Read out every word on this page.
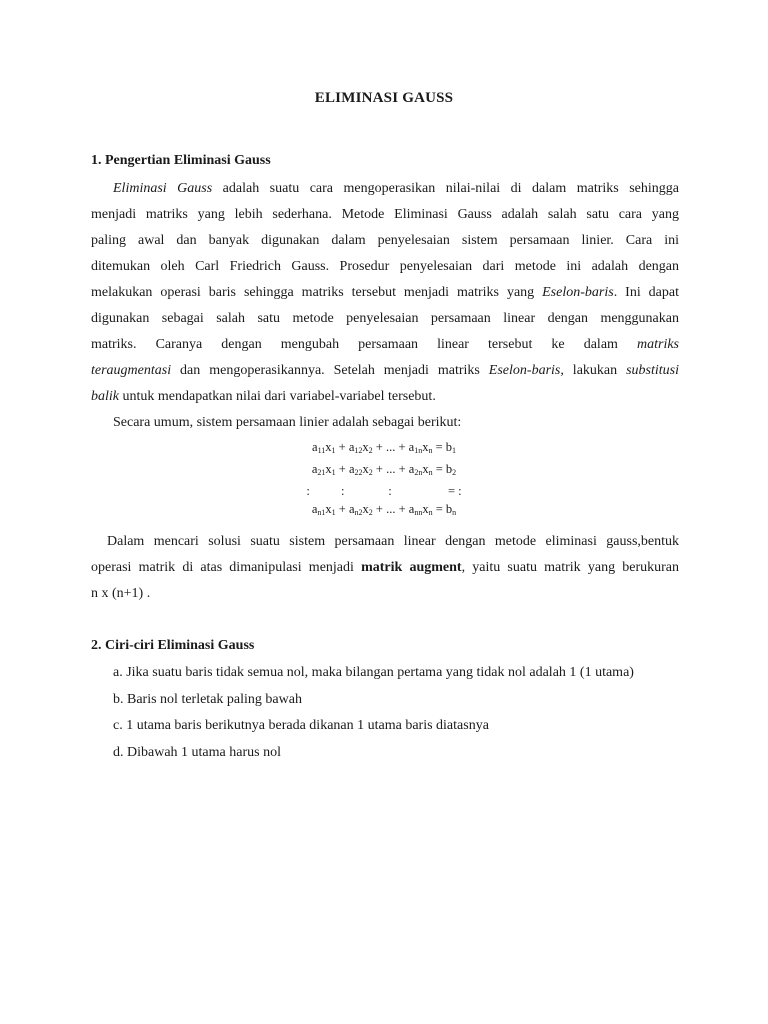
ELIMINASI GAUSS
1. Pengertian Eliminasi Gauss
Eliminasi Gauss adalah suatu cara mengoperasikan nilai-nilai di dalam matriks sehingga
menjadi matriks yang lebih sederhana. Metode Eliminasi Gauss adalah salah satu cara yang
paling awal dan banyak digunakan dalam penyelesaian sistem persamaan linier. Cara ini
ditemukan oleh Carl Friedrich Gauss. Prosedur penyelesaian dari metode ini adalah dengan
melakukan operasi baris sehingga matriks tersebut menjadi matriks yang Eselon-baris. Ini dapat
digunakan sebagai salah satu metode penyelesaian persamaan linear dengan menggunakan
matriks. Caranya dengan mengubah persamaan linear tersebut ke dalam matriks
teraugmentasi dan mengoperasikannya. Setelah menjadi matriks Eselon-baris, lakukan substitusi
balik untuk mendapatkan nilai dari variabel-variabel tersebut.
Secara umum, sistem persamaan linier adalah sebagai berikut:
$a_{11}x_1 + a_{12}x_2$ + ... + $a_{1n}x_n = b_1$
$a_{21}x_1 + a_{22}x_2$ + ... + $a_{2n}x_n = b_2$
:          :              :                  = :
$a_{n1}x_1 + a_{n2}x_2$ + ... + $a_{nn}x_n = b_n$
Dalam mencari solusi suatu sistem persamaan linear dengan metode eliminasi gauss,bentuk
operasi matrik di atas dimanipulasi menjadi matrik augment, yaitu suatu matrik yang berukuran
n x (n+1) .
2. Ciri-ciri Eliminasi Gauss
a. Jika suatu baris tidak semua nol, maka bilangan pertama yang tidak nol adalah 1 (1 utama)
b. Baris nol terletak paling bawah
c. 1 utama baris berikutnya berada dikanan 1 utama baris diatasnya
d. Dibawah 1 utama harus nol
